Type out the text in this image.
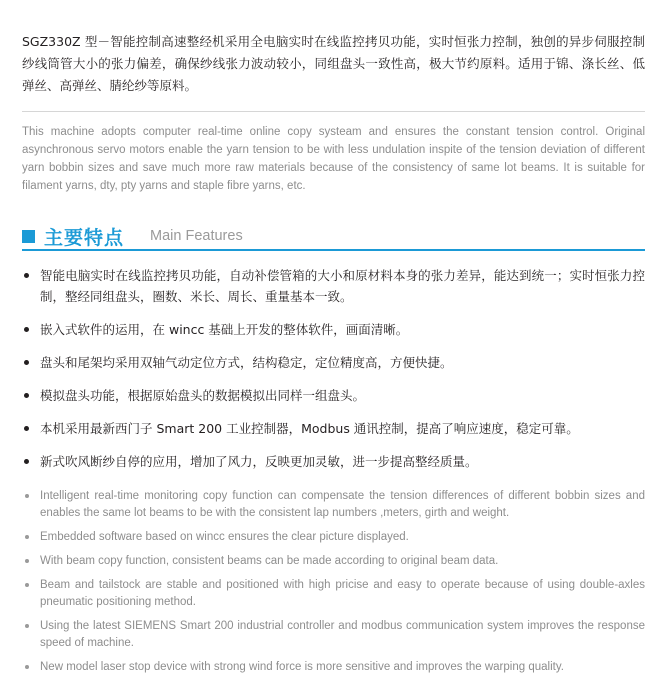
SGZ330Z 型－智能控制高速整经机采用全电脑实时在线监控拷贝功能，实时恒张力控制，独创的异步伺服控制纱线筒管大小的张力偏差，确保纱线张力波动较小，同组盘头一致性高，极大节约原料。适用于锦、涤长丝、低弹丝、高弹丝、腈纶纱等原料。

This machine adopts computer real-time online copy systeam and ensures the constant tension control. Original asynchronous servo motors enable the yarn tension to be with less undulation inspite of the tension deviation of different yarn bobbin sizes and save much more raw materials because of the consistency of same lot beams. It is suitable for filament yarns, dty, pty yarns and staple fibre yarns, etc.

主要特点 Main Features
智能电脑实时在线监控拷贝功能，自动补偿管箱的大小和原材料本身的张力差异，能达到统一；实时恒张力控制，整经同组盘头，圈数、米长、周长、重量基本一致。
嵌入式软件的运用，在 wincc 基础上开发的整体软件，画面清晰。
盘头和尾架均采用双轴气动定位方式，结构稳定，定位精度高，方便快捷。
模拟盘头功能，根据原始盘头的数据模拟出同样一组盘头。
本机采用最新西门子 Smart 200 工业控制器，Modbus 通讯控制，提高了响应速度，稳定可靠。
新式吹风断纱自停的应用，增加了风力，反映更加灵敏，进一步提高整经质量。
Intelligent real-time monitoring copy function can compensate the tension differences of different bobbin sizes and enables the same lot beams to be with the consistent lap numbers ,meters, girth and weight.
Embedded software based on wincc ensures the clear picture displayed.
With beam copy function, consistent beams can be made according to original beam data.
Beam and tailstock are stable and positioned with high pricise and easy to operate because of using double-axles pneumatic positioning method.
Using the latest SIEMENS Smart 200 industrial controller and modbus communication system improves the response speed of machine.
New model laser stop device with strong wind force is more sensitive and improves the warping quality.
